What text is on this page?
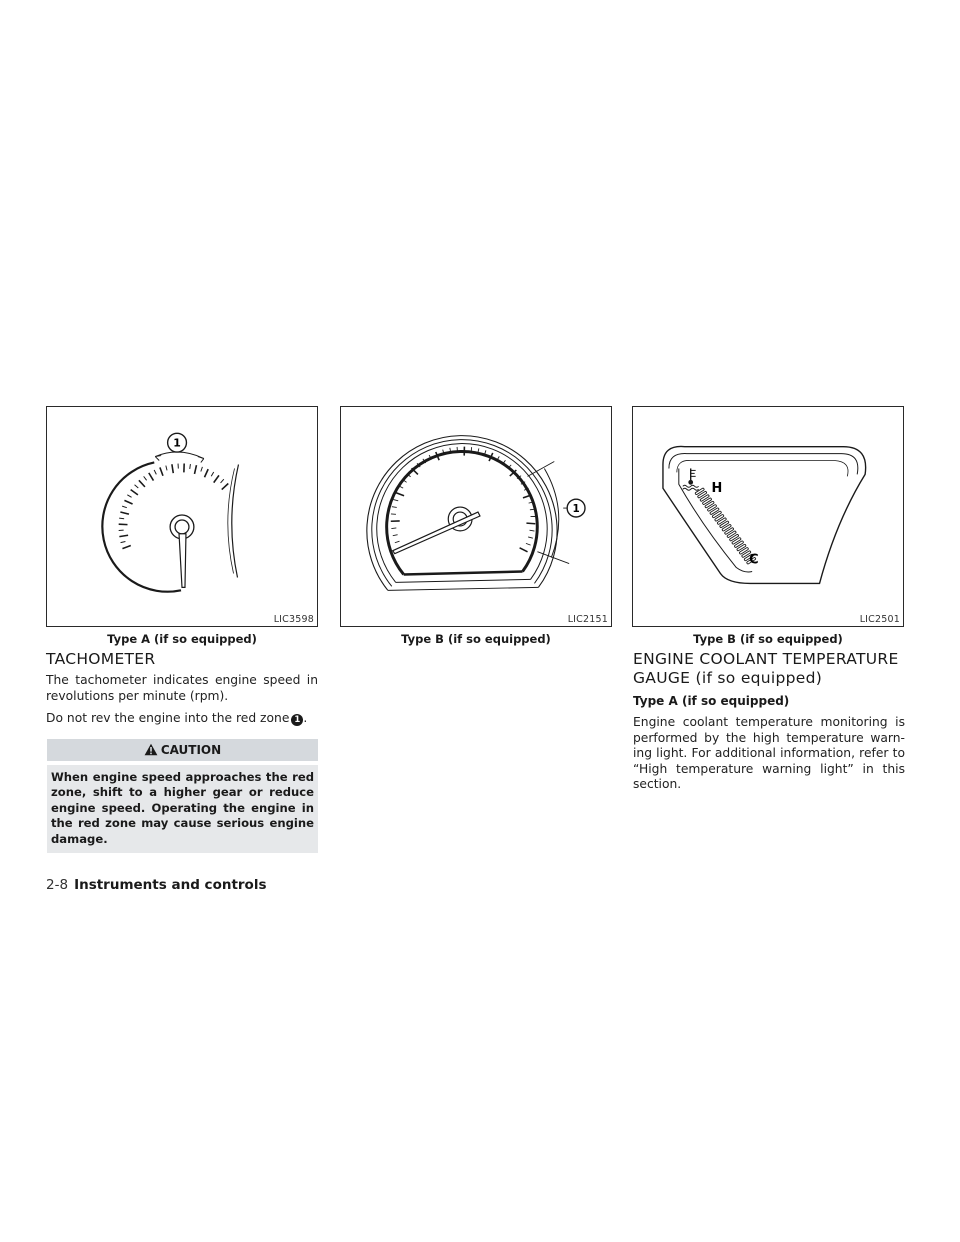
1
LIC3598
Type A (if so equipped)
1
LIC2151
Type B (if so equipped)
H
C
LIC2501
Type B (if so equipped)
TACHOMETER

The tachometer indicates engine speed in revolutions per minute (rpm).

Do not rev the engine into the red zone 1 .

CAUTION
When engine speed approaches the red zone, shift to a higher gear or reduce engine speed. Operating the engine in the red zone may cause serious engine damage.
ENGINE COOLANT TEMPERATURE
GAUGE (if so equipped)
Type A (if so equipped)

Engine coolant temperature monitoring is performed by the high temperature warn-ing light. For additional information, refer to “High temperature warning light” in this section.

2-8 Instruments and controls
